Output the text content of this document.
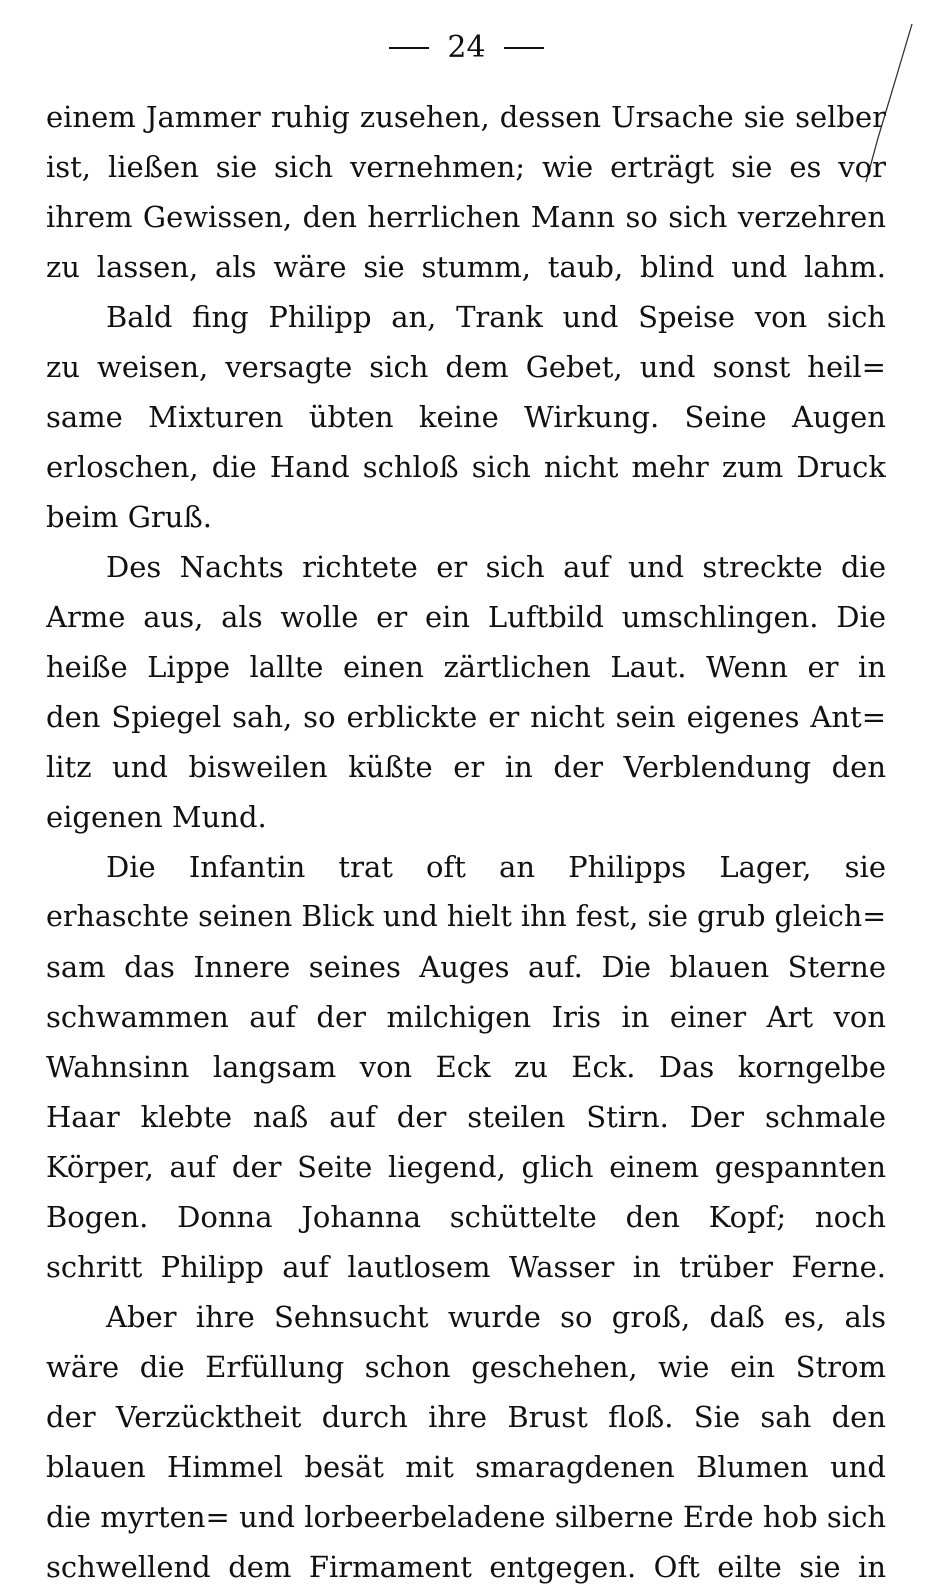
24
einem Jammer ruhig zusehen, dessen Ursache sie selber
ist, ließen sie sich vernehmen; wie erträgt sie es vor
ihrem Gewissen, den herrlichen Mann so sich verzehren
zu lassen, als wäre sie stumm, taub, blind und lahm.
Bald fing Philipp an, Trank und Speise von sich
zu weisen, versagte sich dem Gebet, und sonst heil=
same Mixturen übten keine Wirkung. Seine Augen
erloschen, die Hand schloß sich nicht mehr zum Druck
beim Gruß.
Des Nachts richtete er sich auf und streckte die
Arme aus, als wolle er ein Luftbild umschlingen. Die
heiße Lippe lallte einen zärtlichen Laut. Wenn er in
den Spiegel sah, so erblickte er nicht sein eigenes Ant=
litz und bisweilen küßte er in der Verblendung den
eigenen Mund.
Die Infantin trat oft an Philipps Lager, sie
erhaschte seinen Blick und hielt ihn fest, sie grub gleich=
sam das Innere seines Auges auf. Die blauen Sterne
schwammen auf der milchigen Iris in einer Art von
Wahnsinn langsam von Eck zu Eck. Das korngelbe
Haar klebte naß auf der steilen Stirn. Der schmale
Körper, auf der Seite liegend, glich einem gespannten
Bogen. Donna Johanna schüttelte den Kopf; noch
schritt Philipp auf lautlosem Wasser in trüber Ferne.
Aber ihre Sehnsucht wurde so groß, daß es, als
wäre die Erfüllung schon geschehen, wie ein Strom
der Verzücktheit durch ihre Brust floß. Sie sah den
blauen Himmel besät mit smaragdenen Blumen und
die myrten= und lorbeerbeladene silberne Erde hob sich
schwellend dem Firmament entgegen. Oft eilte sie in
